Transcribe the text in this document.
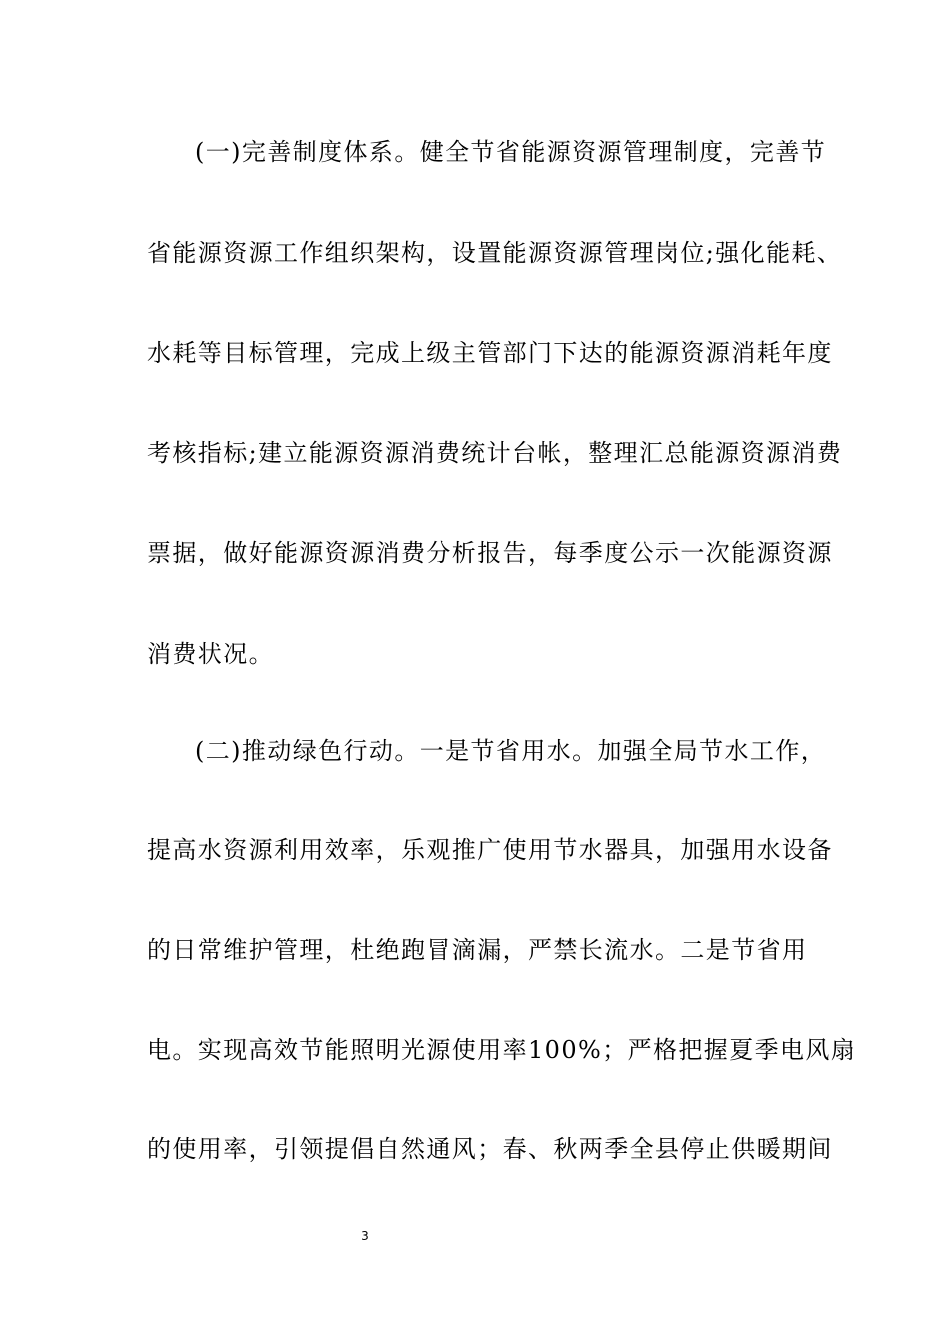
(一)完善制度体系。健全节省能源资源管理制度，完善节
省能源资源工作组织架构，设置能源资源管理岗位;强化能耗、
水耗等目标管理，完成上级主管部门下达的能源资源消耗年度
考核指标;建立能源资源消费统计台帐，整理汇总能源资源消费
票据，做好能源资源消费分析报告，每季度公示一次能源资源
消费状况。
(二)推动绿色行动。一是节省用水。加强全局节水工作，
提高水资源利用效率，乐观推广使用节水器具，加强用水设备
的日常维护管理，杜绝跑冒滴漏，严禁长流水。二是节省用
电。实现高效节能照明光源使用率100%；严格把握夏季电风扇
的使用率，引领提倡自然通风；春、秋两季全县停止供暖期间
3
